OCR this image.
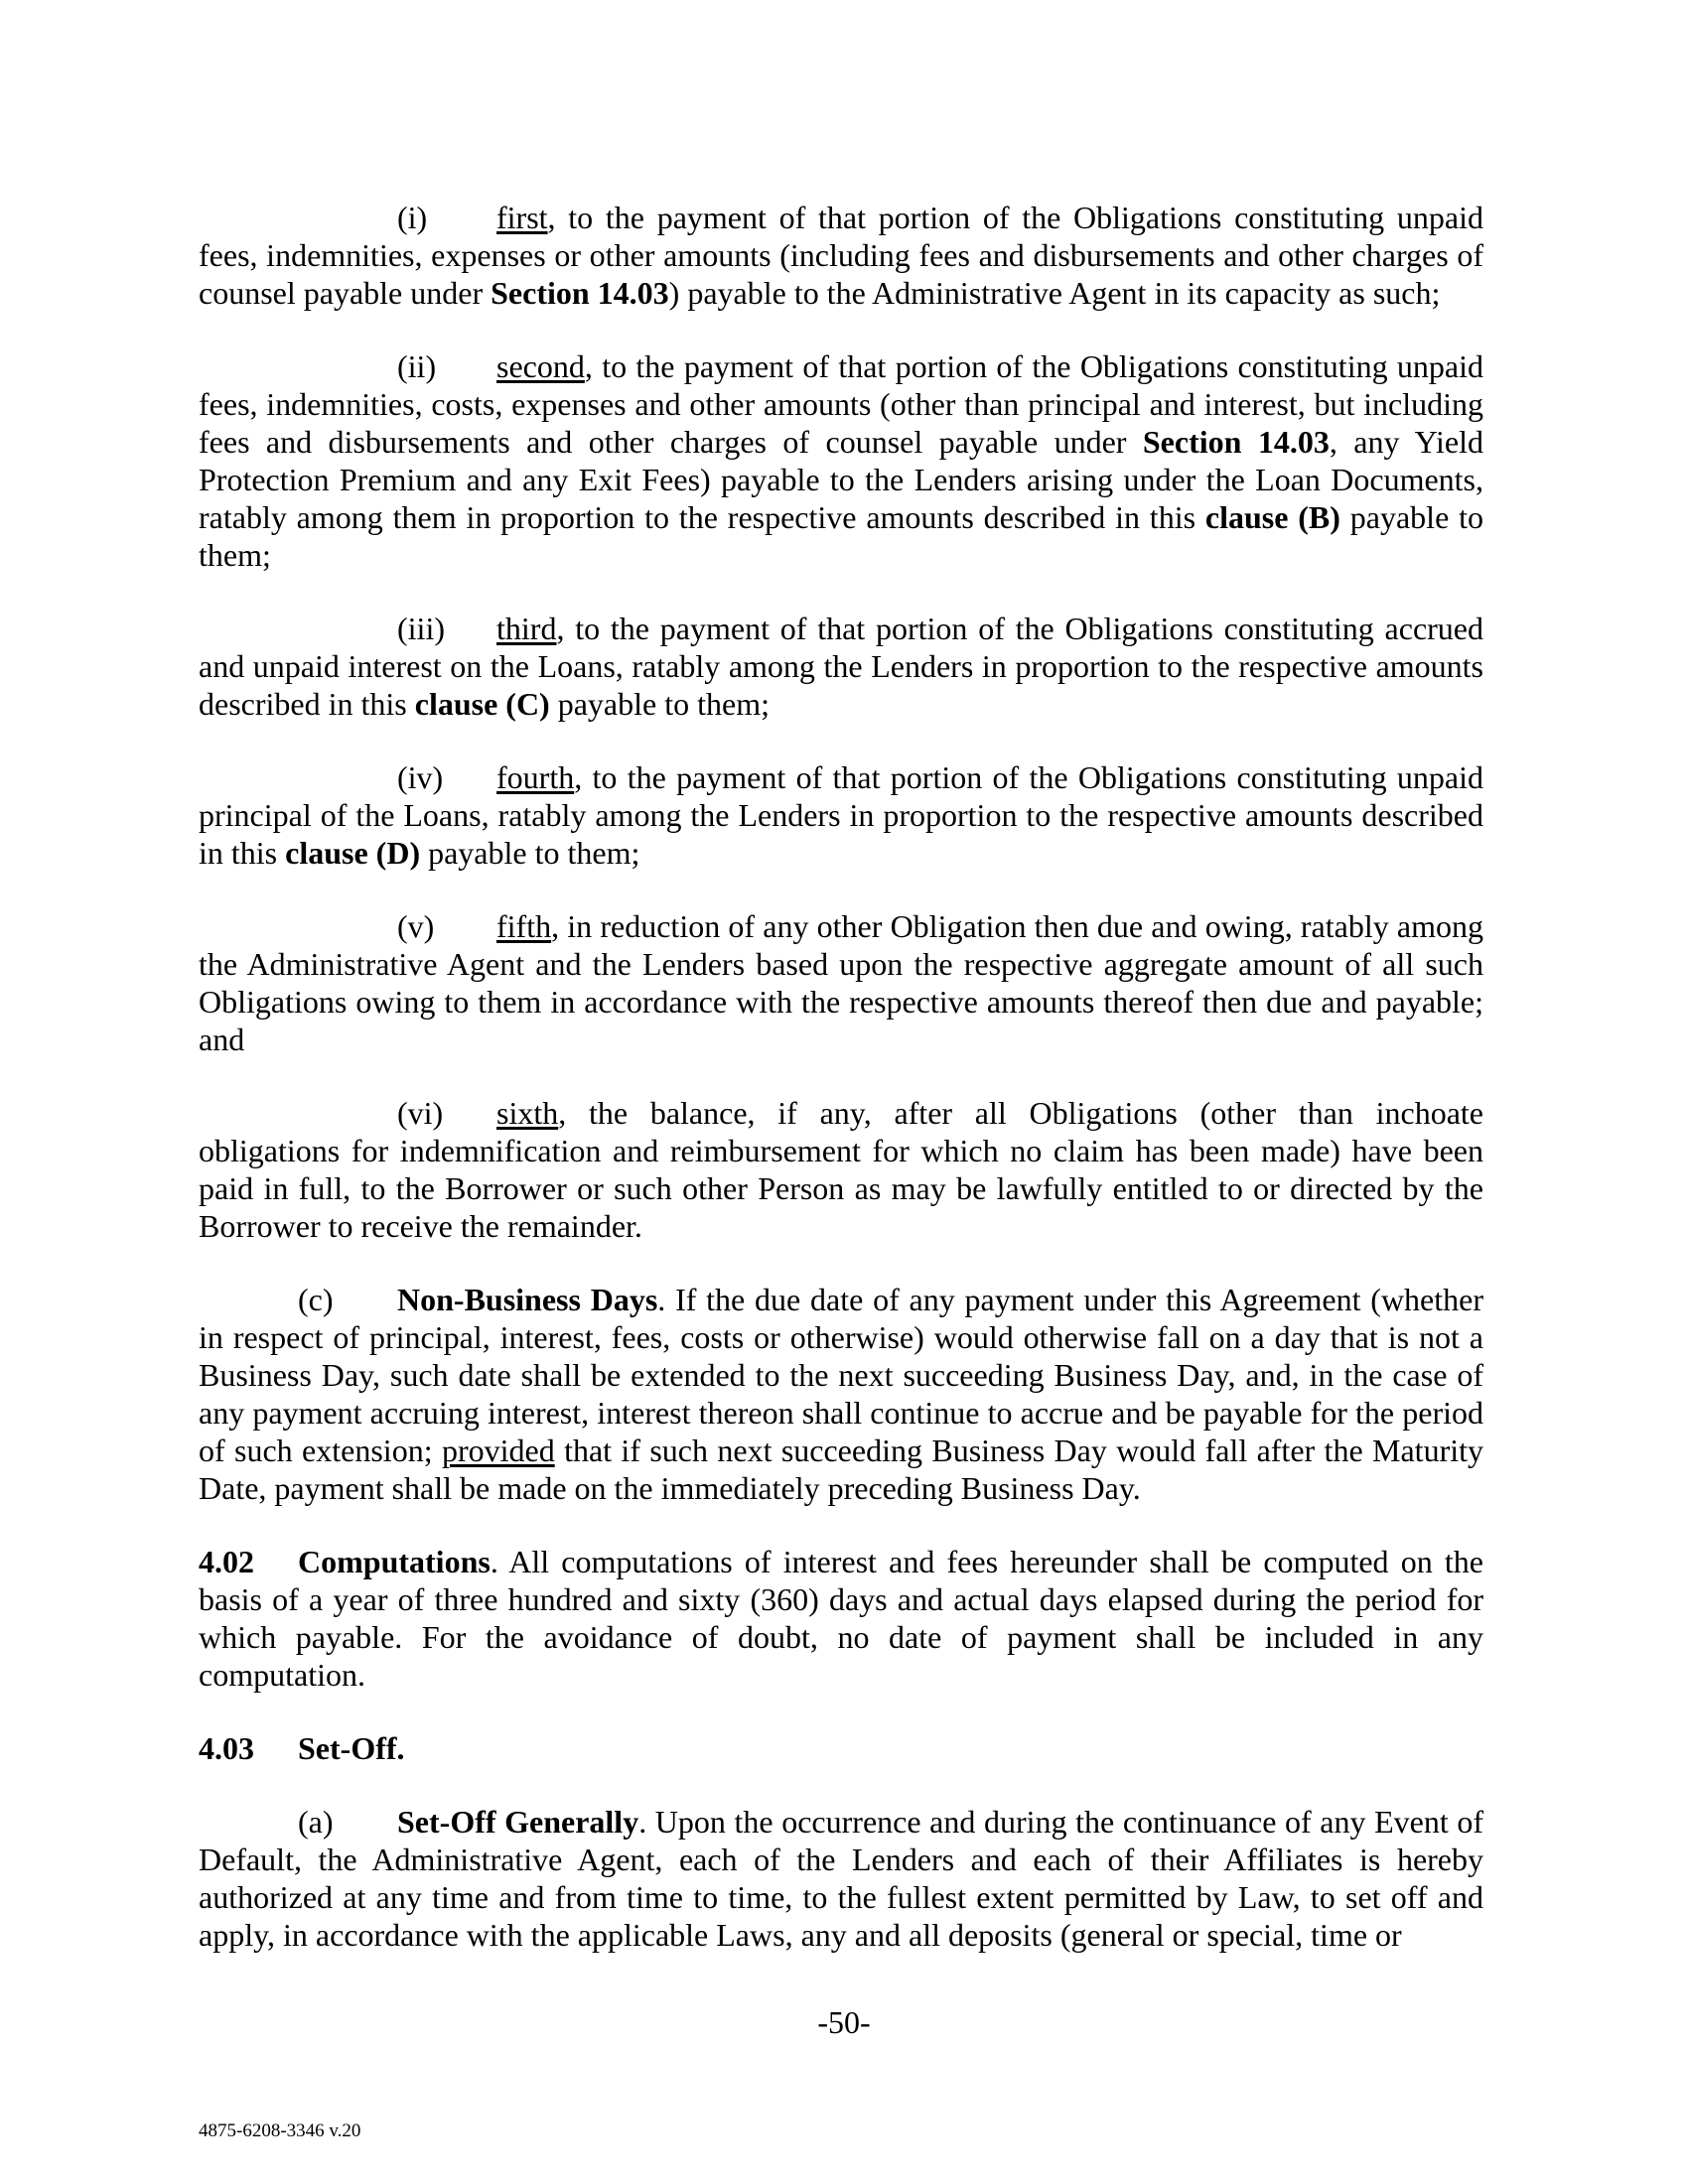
(i) first, to the payment of that portion of the Obligations constituting unpaid fees, indemnities, expenses or other amounts (including fees and disbursements and other charges of counsel payable under Section 14.03) payable to the Administrative Agent in its capacity as such;

(ii) second, to the payment of that portion of the Obligations constituting unpaid fees, indemnities, costs, expenses and other amounts (other than principal and interest, but including fees and disbursements and other charges of counsel payable under Section 14.03, any Yield Protection Premium and any Exit Fees) payable to the Lenders arising under the Loan Documents, ratably among them in proportion to the respective amounts described in this clause (B) payable to them;

(iii) third, to the payment of that portion of the Obligations constituting accrued and unpaid interest on the Loans, ratably among the Lenders in proportion to the respective amounts described in this clause (C) payable to them;

(iv) fourth, to the payment of that portion of the Obligations constituting unpaid principal of the Loans, ratably among the Lenders in proportion to the respective amounts described in this clause (D) payable to them;

(v) fifth, in reduction of any other Obligation then due and owing, ratably among the Administrative Agent and the Lenders based upon the respective aggregate amount of all such Obligations owing to them in accordance with the respective amounts thereof then due and payable; and

(vi) sixth, the balance, if any, after all Obligations (other than inchoate obligations for indemnification and reimbursement for which no claim has been made) have been paid in full, to the Borrower or such other Person as may be lawfully entitled to or directed by the Borrower to receive the remainder.

(c) Non-Business Days. If the due date of any payment under this Agreement (whether in respect of principal, interest, fees, costs or otherwise) would otherwise fall on a day that is not a Business Day, such date shall be extended to the next succeeding Business Day, and, in the case of any payment accruing interest, interest thereon shall continue to accrue and be payable for the period of such extension; provided that if such next succeeding Business Day would fall after the Maturity Date, payment shall be made on the immediately preceding Business Day.

4.02 Computations. All computations of interest and fees hereunder shall be computed on the basis of a year of three hundred and sixty (360) days and actual days elapsed during the period for which payable. For the avoidance of doubt, no date of payment shall be included in any computation.

4.03 Set-Off.

(a) Set-Off Generally. Upon the occurrence and during the continuance of any Event of Default, the Administrative Agent, each of the Lenders and each of their Affiliates is hereby authorized at any time and from time to time, to the fullest extent permitted by Law, to set off and apply, in accordance with the applicable Laws, any and all deposits (general or special, time or

-50-
4875-6208-3346 v.20
